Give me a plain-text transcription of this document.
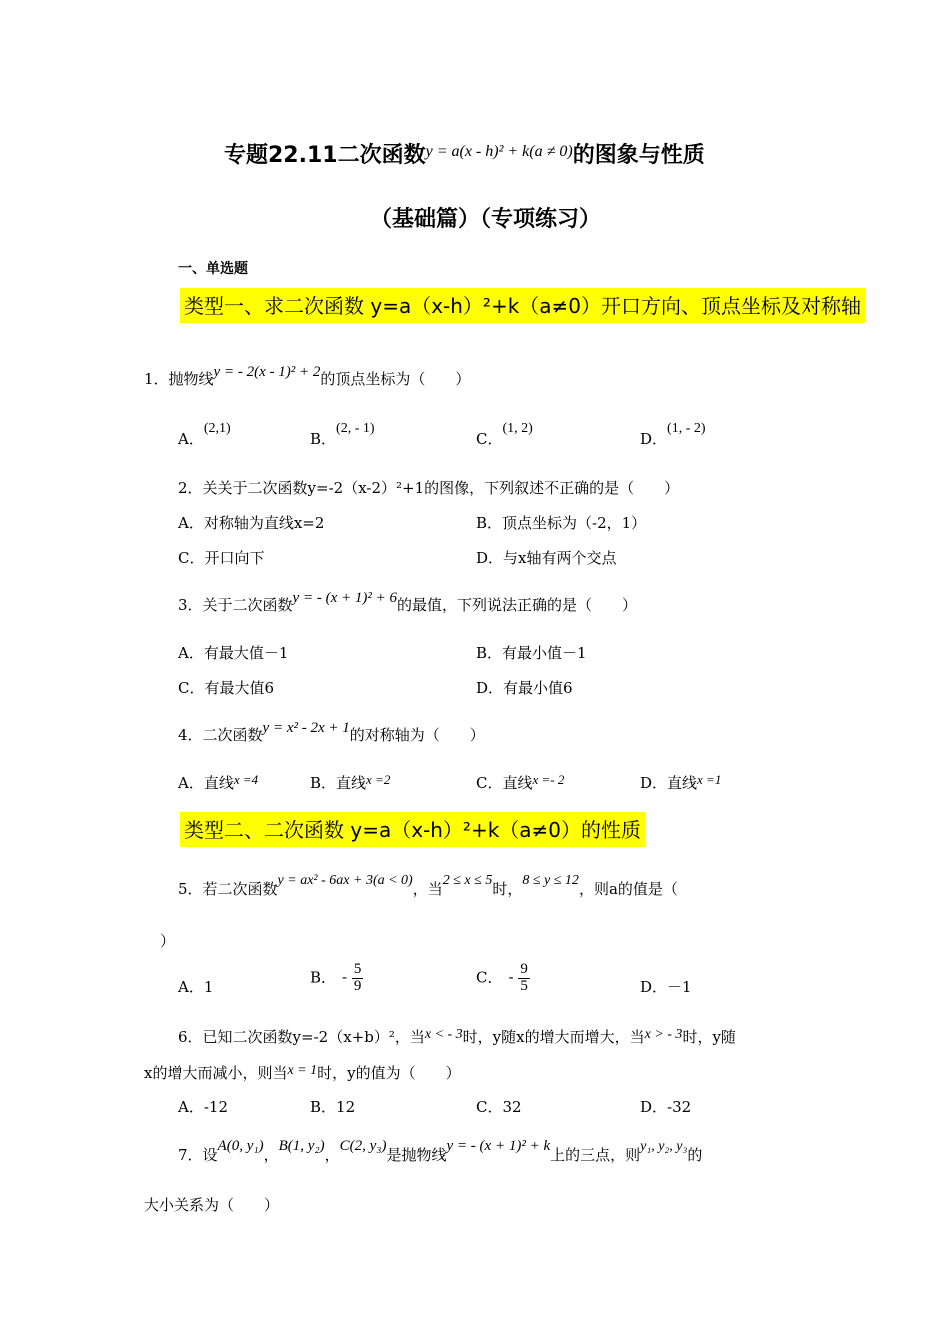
专题22.11二次函数$^{y = a(x - h)^2 + k(a \ne 0)}$的图象与性质
（基础篇）（专项练习）
一、单选题
类型一、求二次函数 y=a（x-h）²+k（a≠0）开口方向、顶点坐标及对称轴
1．抛物线y = - 2(x - 1)² + 2的顶点坐标为（　　）
A．(2,1)
B．(2, - 1)
C．(1, 2)
D．(1, - 2)
2．关关于二次函数y=-2（x-2）²+1的图像，下列叙述不正确的是（　　）
A．对称轴为直线x=2	B．顶点坐标为（-2，1）
C．开口向下	D．与x轴有两个交点
3．关于二次函数y = - (x + 1)² + 6的最值，下列说法正确的是（　　）
A．有最大值－1	B．有最小值－1
C．有最大值6	D．有最小值6
4．二次函数y = x² - 2x + 1的对称轴为（　　）
A．直线x =4	B．直线x =2	C．直线x =- 2	D．直线x =1
类型二、二次函数 y=a（x-h）²+k（a≠0）的性质
5．若二次函数y = ax² - 6ax + 3(a < 0)，当2 ≤ x ≤ 5时，8 ≤ y ≤ 12，则a的值是（
）
A．1
B． - $\frac{5}{9}$	C． - $\frac{9}{5}$	D．－1
6．已知二次函数y=-2（x+b）²，当x < - 3时，y随x的增大而增大，当x > - 3时，y随
x的增大而减小，则当x = 1时，y的值为（　　）
A．-12	B．12	C．32	D．-32
7．设A(0, y₁)，B(1, y₂)，C(2, y₃)是抛物线y = - (x + 1)² + k上的三点，则y₁, y₂, y₃的
大小关系为（　　）
